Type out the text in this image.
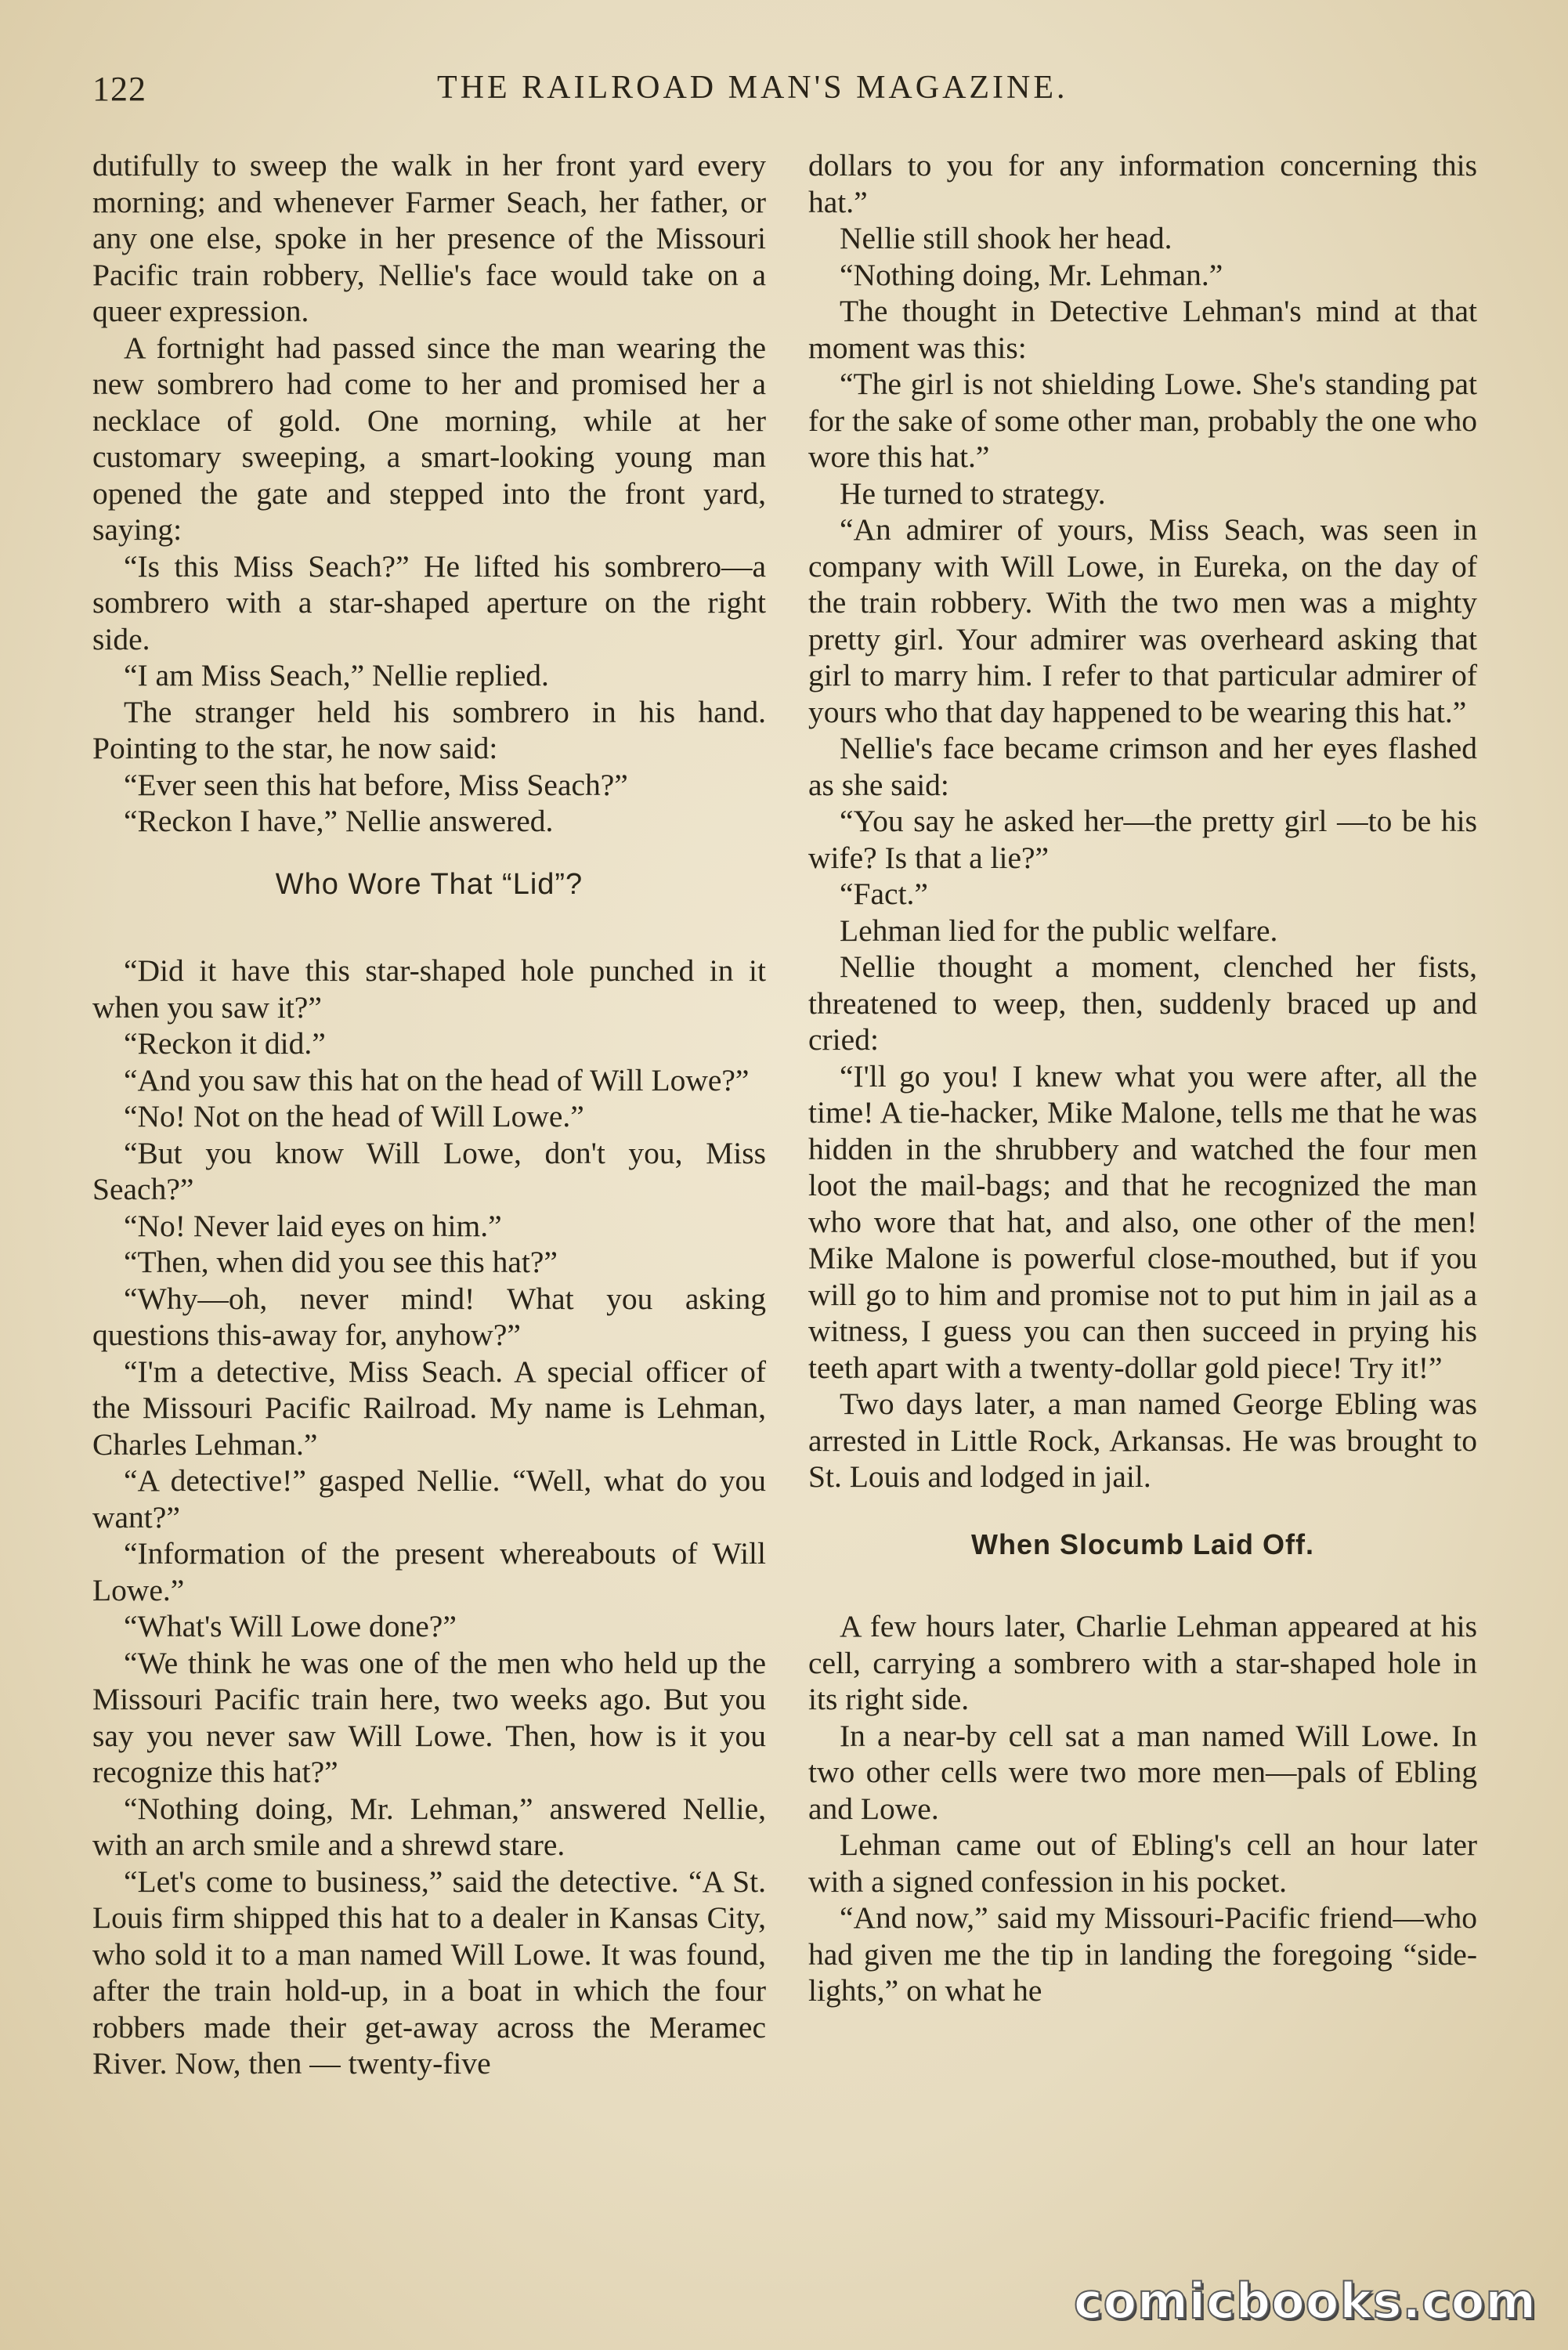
122	THE RAILROAD MAN'S MAGAZINE.

dutifully to sweep the walk in her front yard every morning; and whenever Farmer Seach, her father, or any one else, spoke in her presence of the Missouri Pacific train robbery, Nellie's face would take on a queer expression.

A fortnight had passed since the man wearing the new sombrero had come to her and promised her a necklace of gold. One morning, while at her customary sweeping, a smart-looking young man opened the gate and stepped into the front yard, saying:

“Is this Miss Seach?” He lifted his sombrero—a sombrero with a star-shaped aperture on the right side.

“I am Miss Seach,” Nellie replied.

The stranger held his sombrero in his hand. Pointing to the star, he now said:

“Ever seen this hat before, Miss Seach?”

“Reckon I have,” Nellie answered.

Who Wore That “Lid”?

“Did it have this star-shaped hole punched in it when you saw it?”

“Reckon it did.”

“And you saw this hat on the head of Will Lowe?”

“No! Not on the head of Will Lowe.”

“But you know Will Lowe, don't you, Miss Seach?”

“No! Never laid eyes on him.”

“Then, when did you see this hat?”

“Why—oh, never mind! What you asking questions this-away for, anyhow?”

“I'm a detective, Miss Seach. A special officer of the Missouri Pacific Railroad. My name is Lehman, Charles Lehman.”

“A detective!” gasped Nellie. “Well, what do you want?”

“Information of the present whereabouts of Will Lowe.”

“What's Will Lowe done?”

“We think he was one of the men who held up the Missouri Pacific train here, two weeks ago. But you say you never saw Will Lowe. Then, how is it you recognize this hat?”

“Nothing doing, Mr. Lehman,” answered Nellie, with an arch smile and a shrewd stare.

“Let's come to business,” said the detective. “A St. Louis firm shipped this hat to a dealer in Kansas City, who sold it to a man named Will Lowe. It was found, after the train hold-up, in a boat in which the four robbers made their get-away across the Meramec River. Now, then — twenty-five

dollars to you for any information concerning this hat.”

Nellie still shook her head.

“Nothing doing, Mr. Lehman.”

The thought in Detective Lehman's mind at that moment was this:

“The girl is not shielding Lowe. She's standing pat for the sake of some other man, probably the one who wore this hat.”

He turned to strategy.

“An admirer of yours, Miss Seach, was seen in company with Will Lowe, in Eureka, on the day of the train robbery. With the two men was a mighty pretty girl. Your admirer was overheard asking that girl to marry him. I refer to that particular admirer of yours who that day happened to be wearing this hat.”

Nellie's face became crimson and her eyes flashed as she said:

“You say he asked her—the pretty girl —to be his wife? Is that a lie?”

“Fact.”

Lehman lied for the public welfare.

Nellie thought a moment, clenched her fists, threatened to weep, then, suddenly braced up and cried:

“I'll go you! I knew what you were after, all the time! A tie-hacker, Mike Malone, tells me that he was hidden in the shrubbery and watched the four men loot the mail-bags; and that he recognized the man who wore that hat, and also, one other of the men! Mike Malone is powerful close-mouthed, but if you will go to him and promise not to put him in jail as a witness, I guess you can then succeed in prying his teeth apart with a twenty-dollar gold piece! Try it!”

Two days later, a man named George Ebling was arrested in Little Rock, Arkansas. He was brought to St. Louis and lodged in jail.

When Slocumb Laid Off.

A few hours later, Charlie Lehman appeared at his cell, carrying a sombrero with a star-shaped hole in its right side.

In a near-by cell sat a man named Will Lowe. In two other cells were two more men—pals of Ebling and Lowe.

Lehman came out of Ebling's cell an hour later with a signed confession in his pocket.

“And now,” said my Missouri-Pacific friend—who had given me the tip in landing the foregoing “side-lights,” on what he

comicbooks.com
